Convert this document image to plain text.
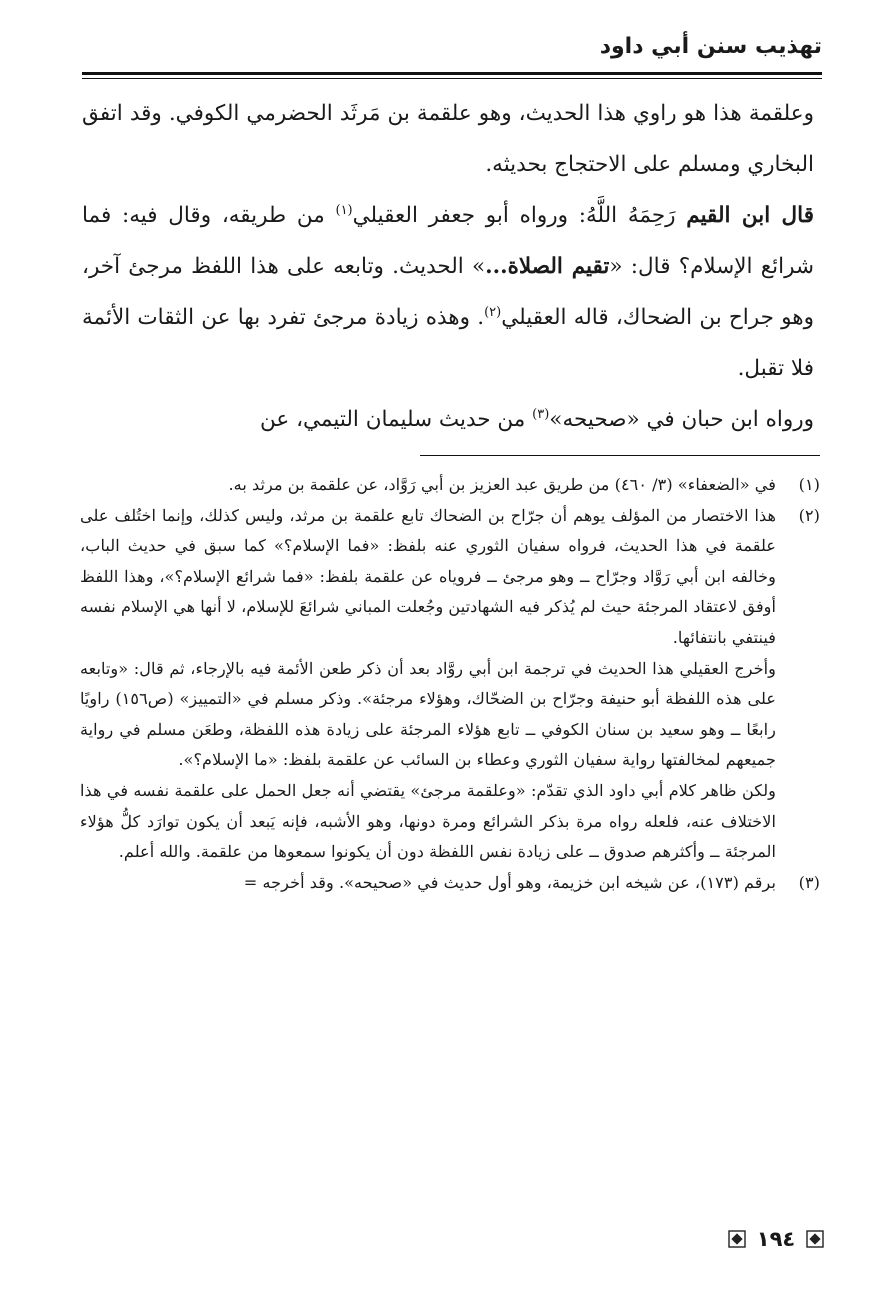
تهذيب سنن أبي داود

وعلقمة هذا هو راوي هذا الحديث، وهو علقمة بن مَرثَد الحضرمي الكوفي. وقد اتفق البخاري ومسلم على الاحتجاج بحديثه.

قال ابن القيم رَحِمَهُ اللَّهُ: ورواه أبو جعفر العقيلي$^{(١)}$ من طريقه، وقال فيه: فما شرائع الإسلام؟ قال: «تقيم الصلاة...» الحديث. وتابعه على هذا اللفظ مرجئ آخر، وهو جراح بن الضحاك، قاله العقيلي$^{(٢)}$. وهذه زيادة مرجئ تفرد بها عن الثقات الأئمة فلا تقبل.

ورواه ابن حبان في «صحيحه»$^{(٣)}$ من حديث سليمان التيمي، عن

(١)

في «الضعفاء» (٣/ ٤٦٠) من طريق عبد العزيز بن أبي رَوَّاد، عن علقمة بن مرثد به.

(٢)

هذا الاختصار من المؤلف يوهم أن جرّاح بن الضحاك تابع علقمة بن مرثد، وليس كذلك، وإنما اختُلف على علقمة في هذا الحديث، فرواه سفيان الثوري عنه بلفظ: «فما الإسلام؟» كما سبق في حديث الباب، وخالفه ابن أبي رَوَّاد وجرّاح ــ وهو مرجئ ــ فروياه عن علقمة بلفظ: «فما شرائع الإسلام؟»، وهذا اللفظ أوفق لاعتقاد المرجئة حيث لم يُذكر فيه الشهادتين وجُعلت المباني شرائعَ للإسلام، لا أنها هي الإسلام نفسه فينتفي بانتفائها.

وأخرج العقيلي هذا الحديث في ترجمة ابن أبي روَّاد بعد أن ذكر طعن الأئمة فيه بالإرجاء، ثم قال: «وتابعه على هذه اللفظة أبو حنيفة وجرّاح بن الضحّاك، وهؤلاء مرجئة». وذكر مسلم في «التمييز» (ص١٥٦) راويًا رابعًا ــ وهو سعيد بن سنان الكوفي ــ تابع هؤلاء المرجئة على زيادة هذه اللفظة، وطعَن مسلم في رواية جميعهم لمخالفتها رواية سفيان الثوري وعطاء بن السائب عن علقمة بلفظ: «ما الإسلام؟».

ولكن ظاهر كلام أبي داود الذي تقدّم: «وعلقمة مرجئ» يقتضي أنه جعل الحمل على علقمة نفسه في هذا الاختلاف عنه، فلعله رواه مرة بذكر الشرائع ومرة دونها، وهو الأشبه، فإنه يَبعد أن يكون توارَد كلُّ هؤلاء المرجئة ــ وأكثرهم صدوق ــ على زيادة نفس اللفظة دون أن يكونوا سمعوها من علقمة. والله أعلم.

(٣)

برقم (١٧٣)، عن شيخه ابن خزيمة، وهو أول حديث في «صحيحه». وقد أخرجه =

١٩٤
